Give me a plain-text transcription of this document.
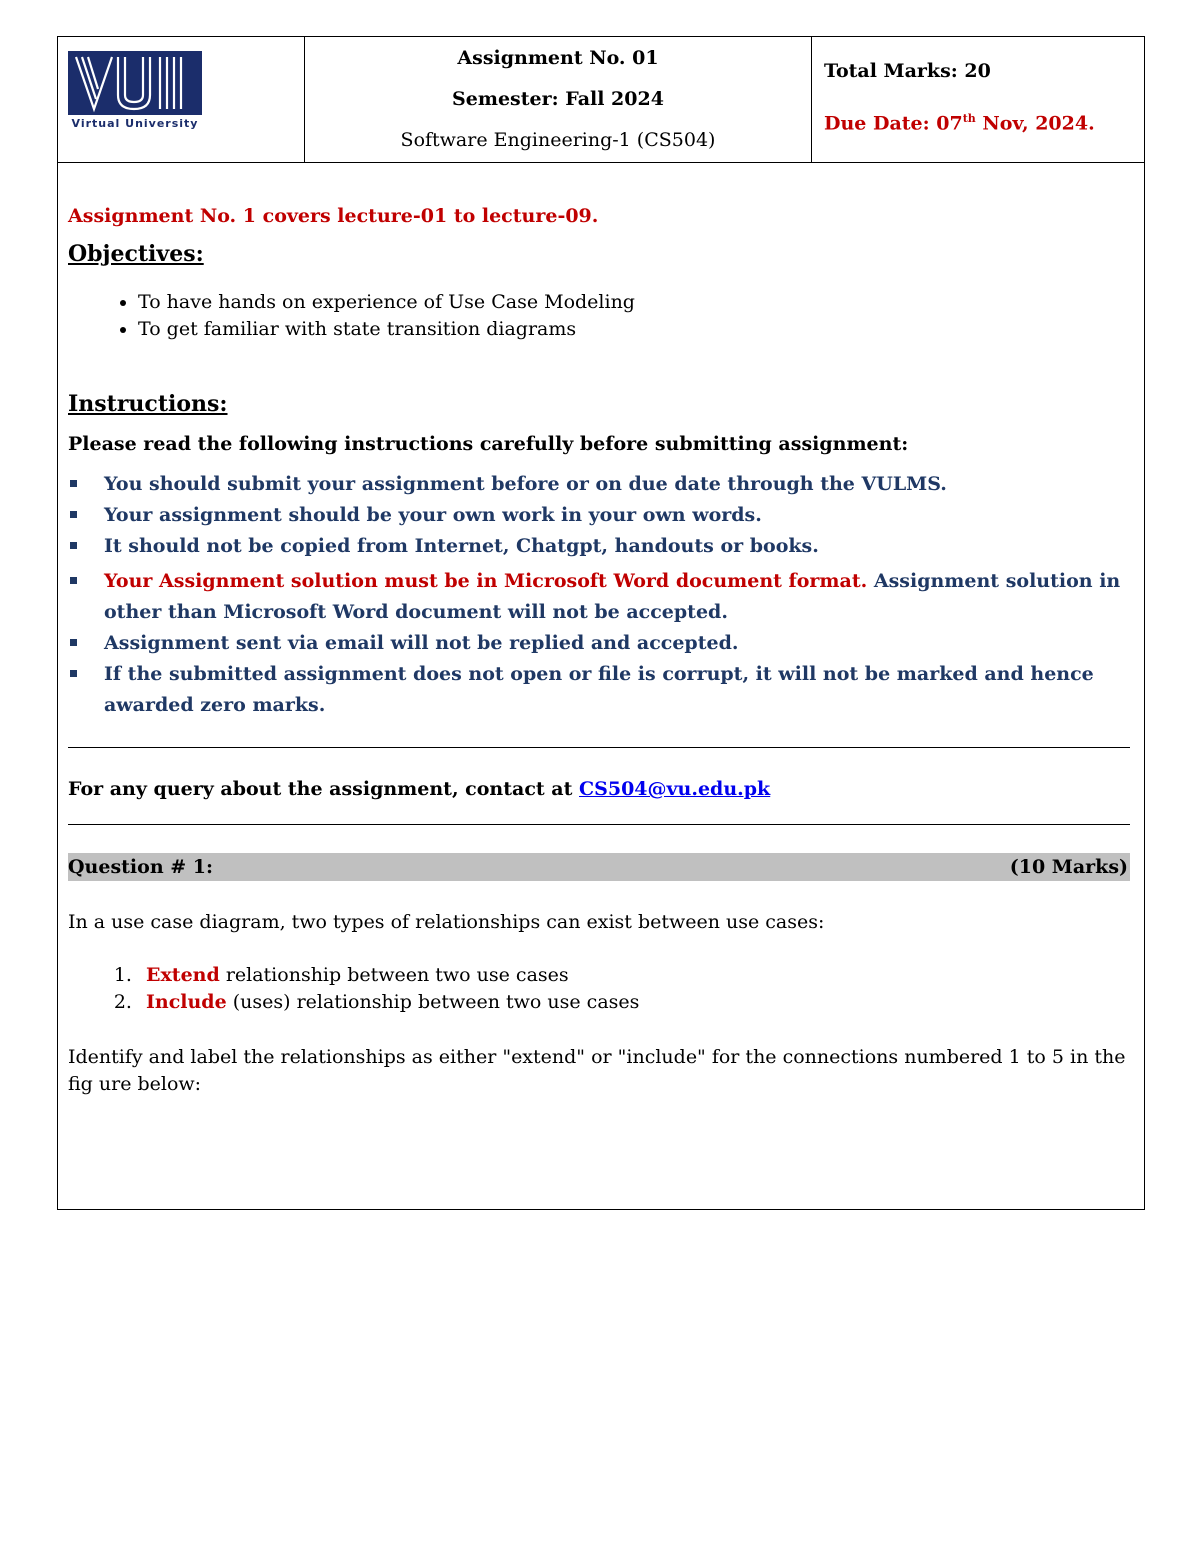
Virtual University

Assignment No. 01
Semester: Fall 2024
Software Engineering-1 (CS504)

Total Marks: 20
Due Date: 07th Nov, 2024.

Assignment No. 1 covers lecture-01 to lecture-09.

Objectives:

• To have hands on experience of Use Case Modeling
• To get familiar with state transition diagrams

Instructions:

Please read the following instructions carefully before submitting assignment:

You should submit your assignment before or on due date through the VULMS.
Your assignment should be your own work in your own words.
It should not be copied from Internet, Chatgpt, handouts or books.
Your Assignment solution must be in Microsoft Word document format. Assignment solution in other than Microsoft Word document will not be accepted.
Assignment sent via email will not be replied and accepted.
If the submitted assignment does not open or file is corrupt, it will not be marked and hence awarded zero marks.
For any query about the assignment, contact at CS504@vu.edu.pk
Question # 1:	(10 Marks)

In a use case diagram, two types of relationships can exist between use cases:

1. Extend relationship between two use cases
2. Include (uses) relationship between two use cases

Identify and label the relationships as either "extend" or "include" for the connections numbered 1 to 5 in the fig ure below:
